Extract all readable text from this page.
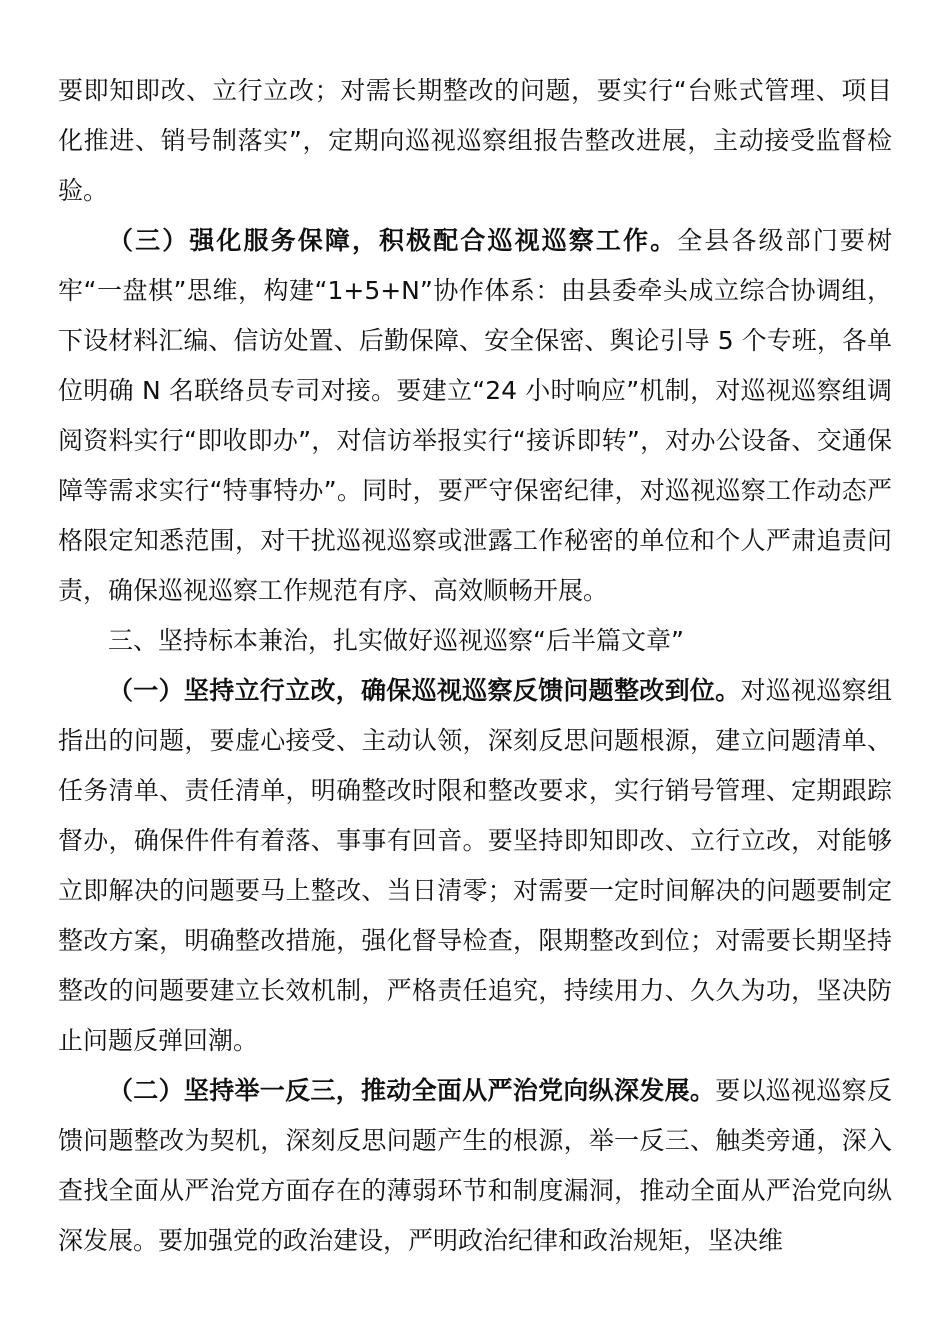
要即知即改、立行立改；对需长期整改的问题，要实行“台账式管理、项目化推进、销号制落实”，定期向巡视巡察组报告整改进展，主动接受监督检验。

（三）强化服务保障，积极配合巡视巡察工作。全县各级部门要树牢“一盘棋”思维，构建“1+5+N”协作体系：由县委牵头成立综合协调组，下设材料汇编、信访处置、后勤保障、安全保密、舆论引导 5 个专班，各单位明确 N 名联络员专司对接。要建立“24 小时响应”机制，对巡视巡察组调阅资料实行“即收即办”，对信访举报实行“接诉即转”，对办公设备、交通保障等需求实行“特事特办”。同时，要严守保密纪律，对巡视巡察工作动态严格限定知悉范围，对干扰巡视巡察或泄露工作秘密的单位和个人严肃追责问责，确保巡视巡察工作规范有序、高效顺畅开展。

三、坚持标本兼治，扎实做好巡视巡察“后半篇文章”

（一）坚持立行立改，确保巡视巡察反馈问题整改到位。对巡视巡察组指出的问题，要虚心接受、主动认领，深刻反思问题根源，建立问题清单、任务清单、责任清单，明确整改时限和整改要求，实行销号管理、定期跟踪督办，确保件件有着落、事事有回音。要坚持即知即改、立行立改，对能够立即解决的问题要马上整改、当日清零；对需要一定时间解决的问题要制定整改方案，明确整改措施，强化督导检查，限期整改到位；对需要长期坚持整改的问题要建立长效机制，严格责任追究，持续用力、久久为功，坚决防止问题反弹回潮。

（二）坚持举一反三，推动全面从严治党向纵深发展。要以巡视巡察反馈问题整改为契机，深刻反思问题产生的根源，举一反三、触类旁通，深入查找全面从严治党方面存在的薄弱环节和制度漏洞，推动全面从严治党向纵深发展。要加强党的政治建设，严明政治纪律和政治规矩，坚决维
